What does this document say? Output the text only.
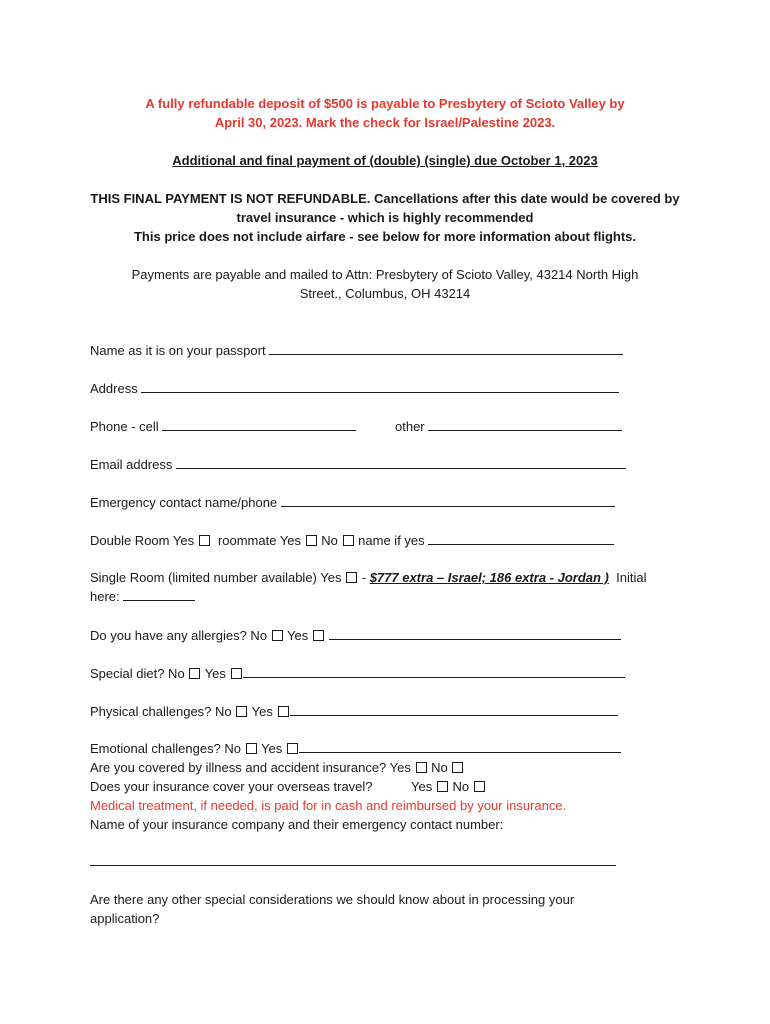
A fully refundable deposit of $500 is payable to Presbytery of Scioto Valley by
April 30, 2023. Mark the check for Israel/Palestine 2023.
Additional and final payment of (double) (single) due October 1, 2023
THIS FINAL PAYMENT IS NOT REFUNDABLE. Cancellations after this date would be covered by
travel insurance - which is highly recommended
This price does not include airfare - see below for more information about flights.
Payments are payable and mailed to Attn: Presbytery of Scioto Valley, 43214 North High
Street., Columbus, OH 43214
Name as it is on your passport
Address
Phone - cell	other
Email address
Emergency contact name/phone
Double Room Yes roommate Yes No name if yes
Single Room (limited number available) Yes - $777 extra – Israel; 186 extra - Jordan ) Initial
here:
Do you have any allergies? No Yes
Special diet? No Yes
Physical challenges? No Yes
Emotional challenges? No Yes
Are you covered by illness and accident insurance? Yes No
Does your insurance cover your overseas travel?	Yes No
Medical treatment, if needed, is paid for in cash and reimbursed by your insurance.
Name of your insurance company and their emergency contact number:
Are there any other special considerations we should know about in processing your
application?
